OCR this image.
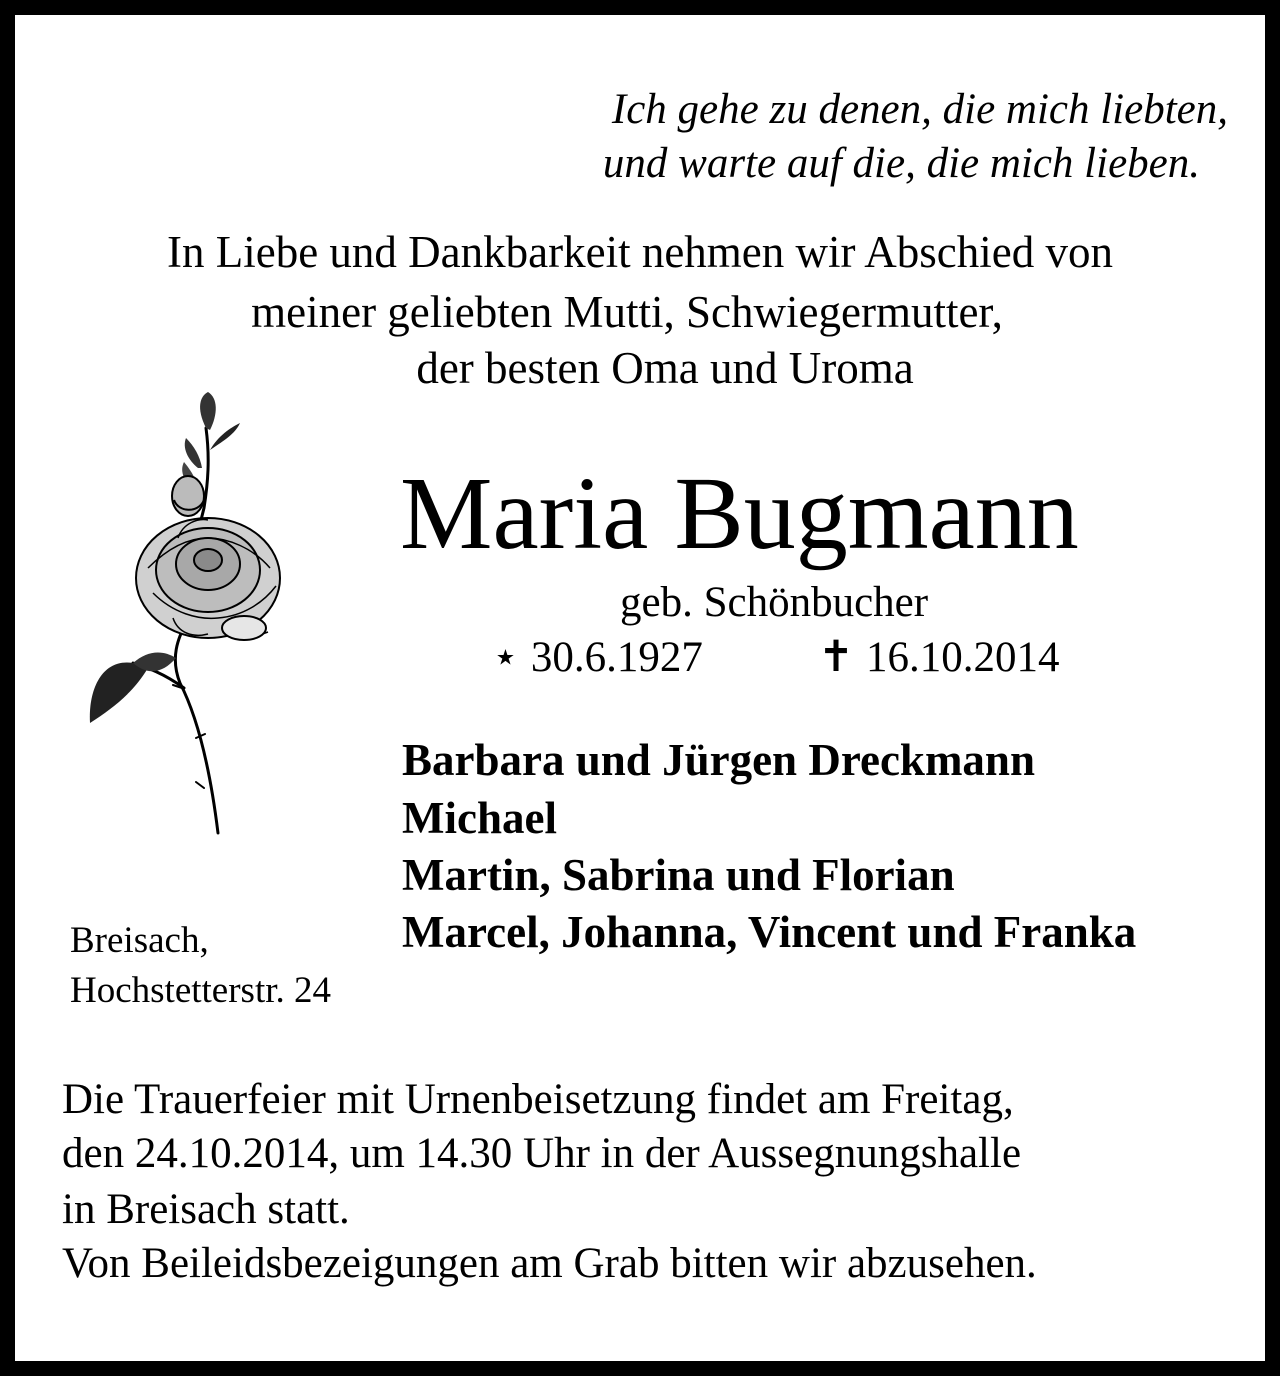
Ich gehe zu denen, die mich liebten,
und warte auf die, die mich lieben.
In Liebe und Dankbarkeit nehmen wir Abschied von
meiner geliebten Mutti, Schwiegermutter,
der besten Oma und Uroma
Maria Bugmann
geb. Schönbucher
⋆ 30.6.1927	✝ 16.10.2014
Barbara und Jürgen Dreckmann
Michael
Martin, Sabrina und Florian
Marcel, Johanna, Vincent und Franka
Breisach,
Hochstetterstr. 24
Die Trauerfeier mit Urnenbeisetzung findet am Freitag,
den 24.10.2014, um 14.30 Uhr in der Aussegnungshalle
in Breisach statt.
Von Beileidsbezeigungen am Grab bitten wir abzusehen.
